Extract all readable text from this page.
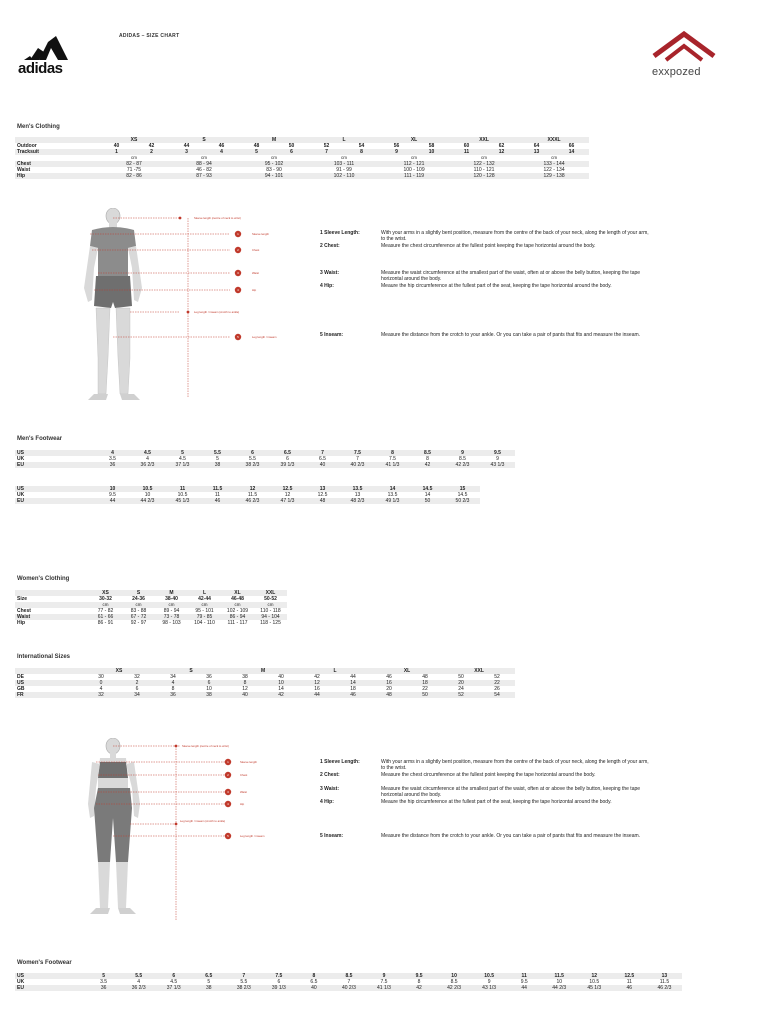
adidas
ADIDAS – SIZE CHART
exxpozed
Men's Clothing
	XS		S		M		L		XL		XXL		XXXL	
Outdoor	40	42	44	46	48	50	52	54	56	58	60	62	64	66
Tracksuit	1	2	3	4	5	6	7	8	9	10	11	12	13	14
	cm		cm		cm		cm		cm		cm		cm	
Chest	82 - 87		88 - 94		95 - 102		103 - 111		112 - 121		122 - 132		133 - 144	
Waist	71 -75		46 - 82		83 - 90		91 - 99		100 - 109		110 - 121		122 - 134	
Hip	82 - 86		87 - 93		94 - 101		102 - 110		111 - 119		120 - 128		129 - 138	
Sleeve length (centre of neck to wrist)
1	Sleeve length
2	Chest
3	Waist
4	Hip
Leg length / inseam (crotch to ankle)
5	Leg length / inseam
1 Sleeve Length:	With your arms in a slightly bent position, measure from the centre of the back of your neck, along the length of your arm, to the wrist.
2 Chest:	Measure the chest circumference at the fullest point keeping the tape horizontal around the body.
3 Waist:	Measure the waist circumference at the smallest part of the waist, often at or above the belly button, keeping the tape horizontal around the body.
4 Hip:	Meaure the hip circumference at the fullest part of the seat, keeping the tape horizontal around the body.
5 Inseam:	Measure the distance from the crotch to your ankle. Or you can take a pair of pants that fits and measure the inseam.
Men's Footwear
US	4	4.5	5	5.5	6	6.5	7	7.5	8	8.5	9	9.5
UK	3.5	4	4.5	5	5.5	6	6.5	7	7.5	8	8.5	9
EU	36	36 2/3	37 1/3	38	38 2/3	39 1/3	40	40 2/3	41 1/3	42	42 2/3	43 1/3
US	10	10.5	11	11.5	12	12.5	13	13.5	14	14.5	15
UK	9.5	10	10.5	11	11.5	12	12.5	13	13.5	14	14.5
EU	44	44 2/3	45 1/3	46	46 2/3	47 1/3	48	48 2/3	49 1/3	50	50 2/3
Women's Clothing
	XS	S	M	L	XL	XXL
Size	30-32	24-36	38-40	42-44	46-48	50-52
	cm	cm	cm	cm	cm	cm
Chest	77 - 82	83 - 88	89 - 94	95 - 101	102 - 109	110 - 118
Waist	61 - 66	67 - 72	73 - 78	79 - 85	86 - 94	94 - 104
Hip	86 - 91	92 - 97	98 - 103	104 - 110	111 - 117	118 - 125
International Sizes
	XS		S		M		L		XL		XXL	
DE	30	32	34	36	38	40	42	44	46	48	50	52
US	0	2	4	6	8	10	12	14	16	18	20	22
GB	4	6	8	10	12	14	16	18	20	22	24	26
FR	32	34	36	38	40	42	44	46	48	50	52	54
Sleeve length (centre of neck to wrist)
1	Sleeve length
2	Chest
3	Waist
4	Hip
Leg length / inseam (crotch to ankle)
5	Leg length / inseam
1 Sleeve Length:	With your arms in a slightly bent position, measure from the centre of the back of your neck, along the length of your arm, to the wrist.
2 Chest:	Measure the chest circumference at the fullest point keeping the tape horizontal around the body.
3 Waist:	Measure the waist circumference at the smallest part of the waist, often at or above the belly button, keeping the tape horizontal around the body.
4 Hip:	Meaure the hip circumference at the fullest part of the seat, keeping the tape horizontal around the body.
5 Inseam:	Measure the distance from the crotch to your ankle. Or you can take a pair of pants that fits and measure the inseam.
Women's Footwear
US	5	5.5	6	6.5	7	7.5	8	8.5	9	9.5	10	10.5	11	11.5	12	12.5	13
UK	3.5	4	4.5	5	5.5	6	6.5	7	7.5	8	8.5	9	9.5	10	10.5	11	11.5
EU	36	36 2/3	37 1/3	38	38 2/3	39 1/3	40	40 2/3	41 1/3	42	42 2/3	43 1/3	44	44 2/3	45 1/3	46	46 2/3
